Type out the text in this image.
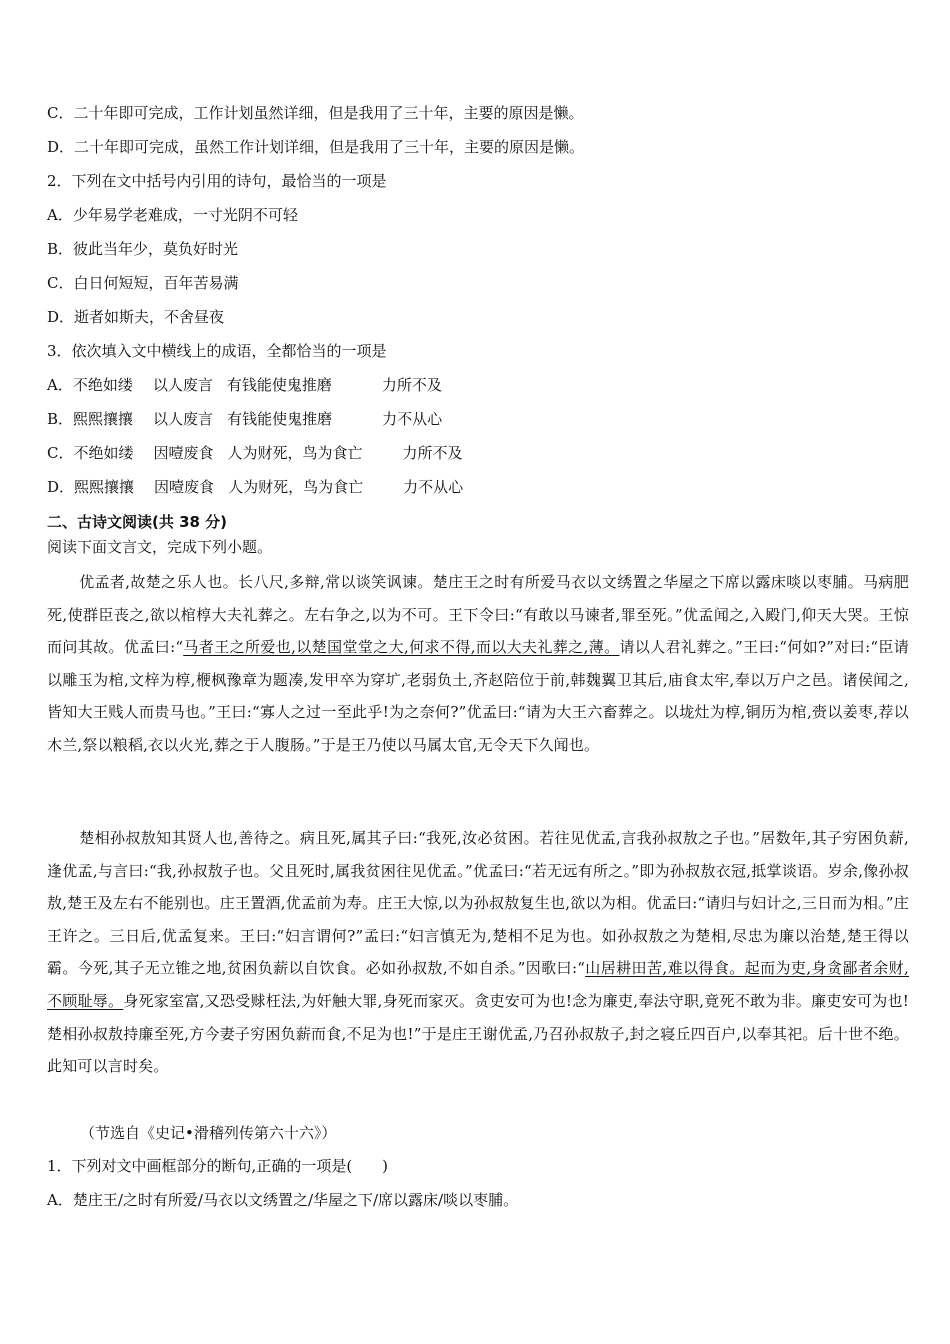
C．二十年即可完成，工作计划虽然详细，但是我用了三十年，主要的原因是懒。
D．二十年即可完成，虽然工作计划详细，但是我用了三十年，主要的原因是懒。
2．下列在文中括号内引用的诗句，最恰当的一项是
A．少年易学老难成，一寸光阴不可轻
B．彼此当年少，莫负好时光
C．白日何短短，百年苦易满
D．逝者如斯夫，不舍昼夜
3．依次填入文中横线上的成语，全都恰当的一项是
A．不绝如缕 以人废言 有钱能使鬼推磨	力所不及
B．熙熙攘攘 以人废言 有钱能使鬼推磨	力不从心
C．不绝如缕 因噎废食 人为财死，鸟为食亡	力所不及
D．熙熙攘攘 因噎废食 人为财死，鸟为食亡	力不从心
二、古诗文阅读(共 38 分)
阅读下面文言文，完成下列小题。
优孟者,故楚之乐人也。长八尺,多辩,常以谈笑讽谏。楚庄王之时有所爱马衣以文绣置之华屋之下席以露床啖以枣脯。马病肥死,使群臣丧之,欲以棺椁大夫礼葬之。左右争之,以为不可。王下令曰:“有敢以马谏者,罪至死。”优孟闻之,入殿门,仰天大哭。王惊而问其故。优孟曰:“马者王之所爱也,以楚国堂堂之大,何求不得,而以大夫礼葬之,薄。请以人君礼葬之。”王曰:“何如?”对曰:“臣请以雕玉为棺,文梓为椁,楩枫豫章为题凑,发甲卒为穿圹,老弱负土,齐赵陪位于前,韩魏翼卫其后,庙食太牢,奉以万户之邑。诸侯闻之,皆知大王贱人而贵马也。”王曰:“寡人之过一至此乎!为之奈何?”优孟曰:“请为大王六畜葬之。以垅灶为椁,铜历为棺,赍以姜枣,荐以木兰,祭以粮稻,衣以火光,葬之于人腹肠。”于是王乃使以马属太官,无令天下久闻也。
楚相孙叔敖知其贤人也,善待之。病且死,属其子曰:“我死,汝必贫困。若往见优孟,言我孙叔敖之子也。”居数年,其子穷困负薪,逢优孟,与言曰:“我,孙叔敖子也。父且死时,属我贫困往见优孟。”优孟曰:“若无远有所之。”即为孙叔敖衣冠,抵掌谈语。岁余,像孙叔敖,楚王及左右不能别也。庄王置酒,优孟前为寿。庄王大惊,以为孙叔敖复生也,欲以为相。优孟曰:“请归与妇计之,三日而为相。”庄王许之。三日后,优孟复来。王曰:“妇言谓何?”孟曰:“妇言慎无为,楚相不足为也。如孙叔敖之为楚相,尽忠为廉以治楚,楚王得以霸。今死,其子无立锥之地,贫困负薪以自饮食。必如孙叔敖,不如自杀。”因歌曰:“山居耕田苦,难以得食。起而为吏,身贪鄙者余财,不顾耻辱。身死家室富,又恐受赇枉法,为奸触大罪,身死而家灭。贪吏安可为也!念为廉吏,奉法守职,竟死不敢为非。廉吏安可为也!楚相孙叔敖持廉至死,方今妻子穷困负薪而食,不足为也!”于是庄王谢优孟,乃召孙叔敖子,封之寝丘四百户,以奉其祀。后十世不绝。此知可以言时矣。
（节选自《史记•滑稽列传第六十六》）
1．下列对文中画框部分的断句,正确的一项是(　　)
A．楚庄王/之时有所爱/马衣以文绣置之/华屋之下/席以露床/啖以枣脯。
